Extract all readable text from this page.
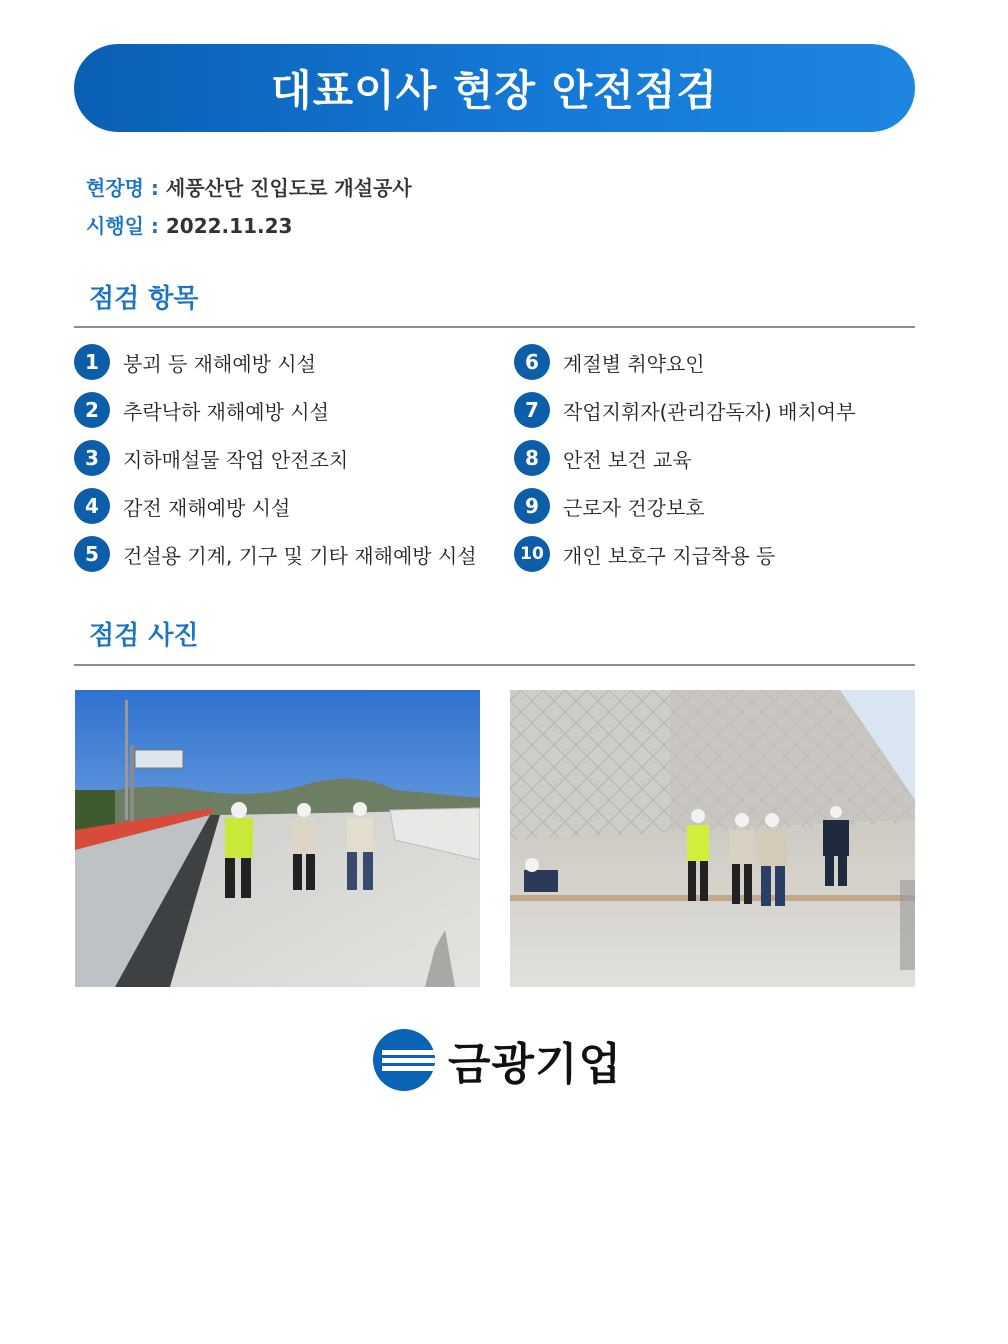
대표이사 현장 안전점검
현장명 : 세풍산단 진입도로 개설공사
시행일 : 2022.11.23
점검 항목
1	붕괴 등 재해예방 시설
2	추락낙하 재해예방 시설
3	지하매설물 작업 안전조치
4	감전 재해예방 시설
5	건설용 기계, 기구 및 기타 재해예방 시설
6	계절별 취약요인
7	작업지휘자(관리감독자) 배치여부
8	안전 보건 교육
9	근로자 건강보호
10 개인 보호구 지급착용 등
점검 사진
금광기업
